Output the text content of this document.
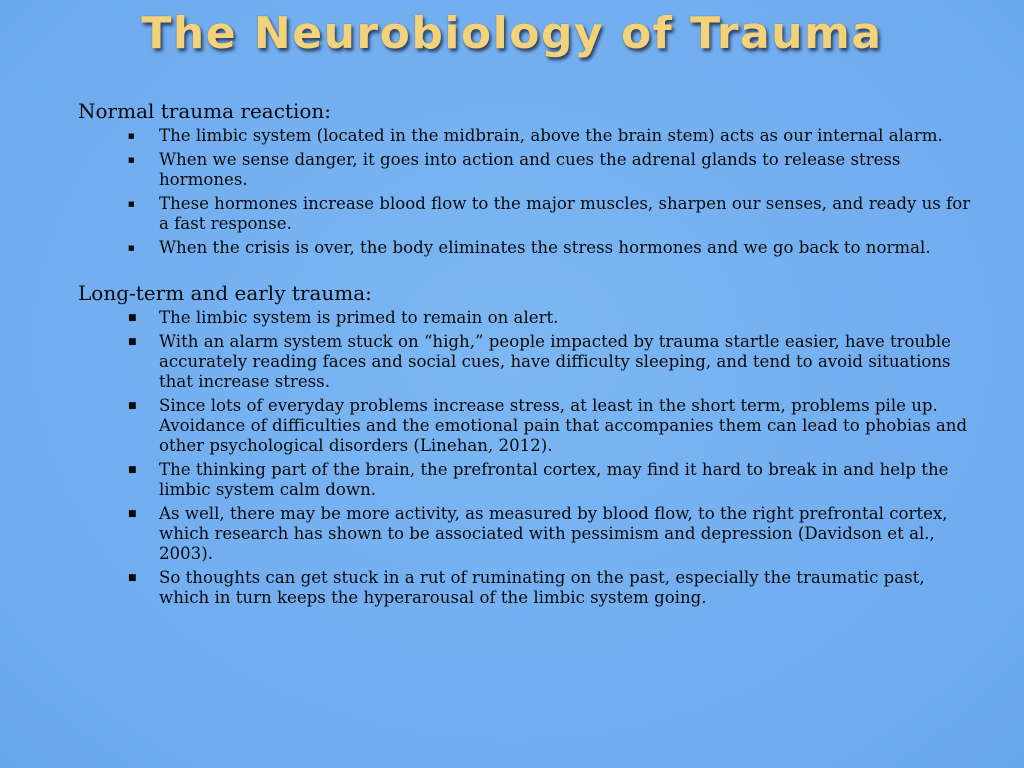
The Neurobiology of Trauma

Normal trauma reaction:

■ The limbic system (located in the midbrain, above the brain stem) acts as our internal alarm.
■ When we sense danger, it goes into action and cues the adrenal glands to release stress hormones.
■ These hormones increase blood flow to the major muscles, sharpen our senses, and ready us for a fast response.
■ When the crisis is over, the body eliminates the stress hormones and we go back to normal.

Long-term and early trauma:

■ The limbic system is primed to remain on alert.
■ With an alarm system stuck on “high,” people impacted by trauma startle easier, have trouble accurately reading faces and social cues, have difficulty sleeping, and tend to avoid situations that increase stress.
■ Since lots of everyday problems increase stress, at least in the short term, problems pile up. Avoidance of difficulties and the emotional pain that accompanies them can lead to phobias and other psychological disorders (Linehan, 2012).
■ The thinking part of the brain, the prefrontal cortex, may find it hard to break in and help the limbic system calm down.
■ As well, there may be more activity, as measured by blood flow, to the right prefrontal cortex, which research has shown to be associated with pessimism and depression (Davidson et al., 2003).
■ So thoughts can get stuck in a rut of ruminating on the past, especially the traumatic past, which in turn keeps the hyperarousal of the limbic system going.
